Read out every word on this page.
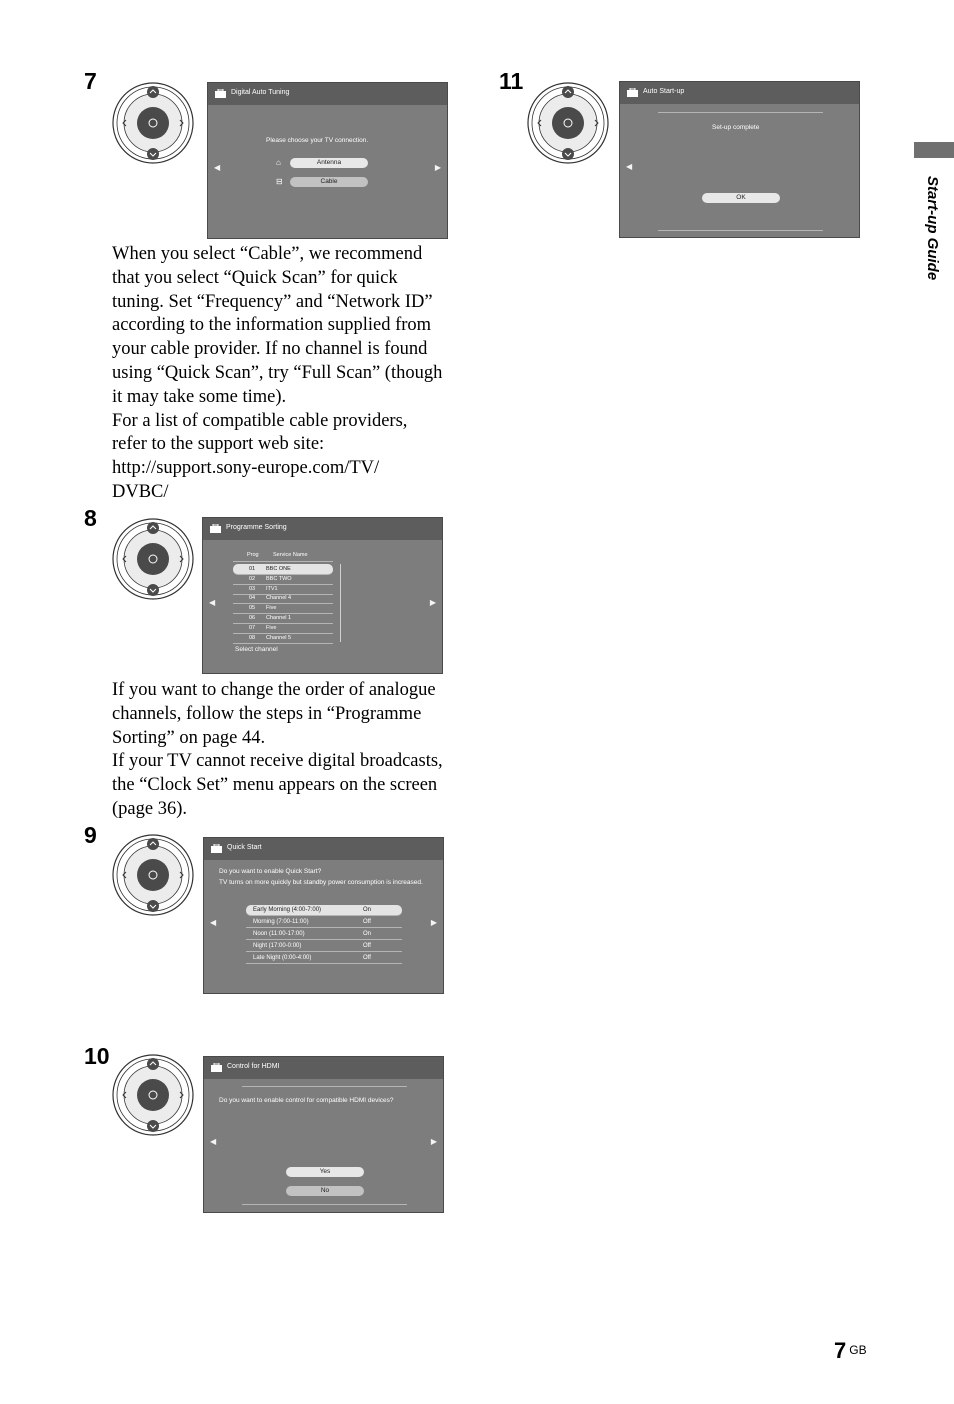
Start-up Guide
7	Digital Auto Tuning
Please choose your TV connection.
⌂
⊟
Antenna
Cable
◀	▶

When you select “Cable”, we recommend that you select “Quick Scan” for quick tuning. Set “Frequency” and “Network ID” according to the information supplied from your cable provider. If no channel is found using “Quick Scan”, try “Full Scan” (though it may take some time).

For a list of compatible cable providers, refer to the support web site: http://support.sony-europe.com/TV/ DVBC/

8	Programme Sorting
Prog	Service Name
01 BBC ONE
02 BBC TWO
03 ITV1
04 Channel 4
05 Five
06 Channel 1
07 Five
08 Channel 5
Select channel
◀	▶

If you want to change the order of analogue channels, follow the steps in “Programme Sorting” on page 44.

If your TV cannot receive digital broadcasts, the “Clock Set” menu appears on the screen (page 36).

9	Quick Start
Do you want to enable Quick Start?
TV turns on more quickly but standby power consumption is increased.
Early Morning (4:00-7:00)	On
Morning (7:00-11:00)	Off
Noon (11:00-17:00)	On
Night (17:00-0:00)	Off
Late Night (0:00-4:00)	Off
◀	▶
10	Control for HDMI
Do you want to enable control for compatible HDMI devices?
Yes
No
◀	▶
11	Auto Start-up
Set-up complete
OK
◀
7 $^{GB}$
